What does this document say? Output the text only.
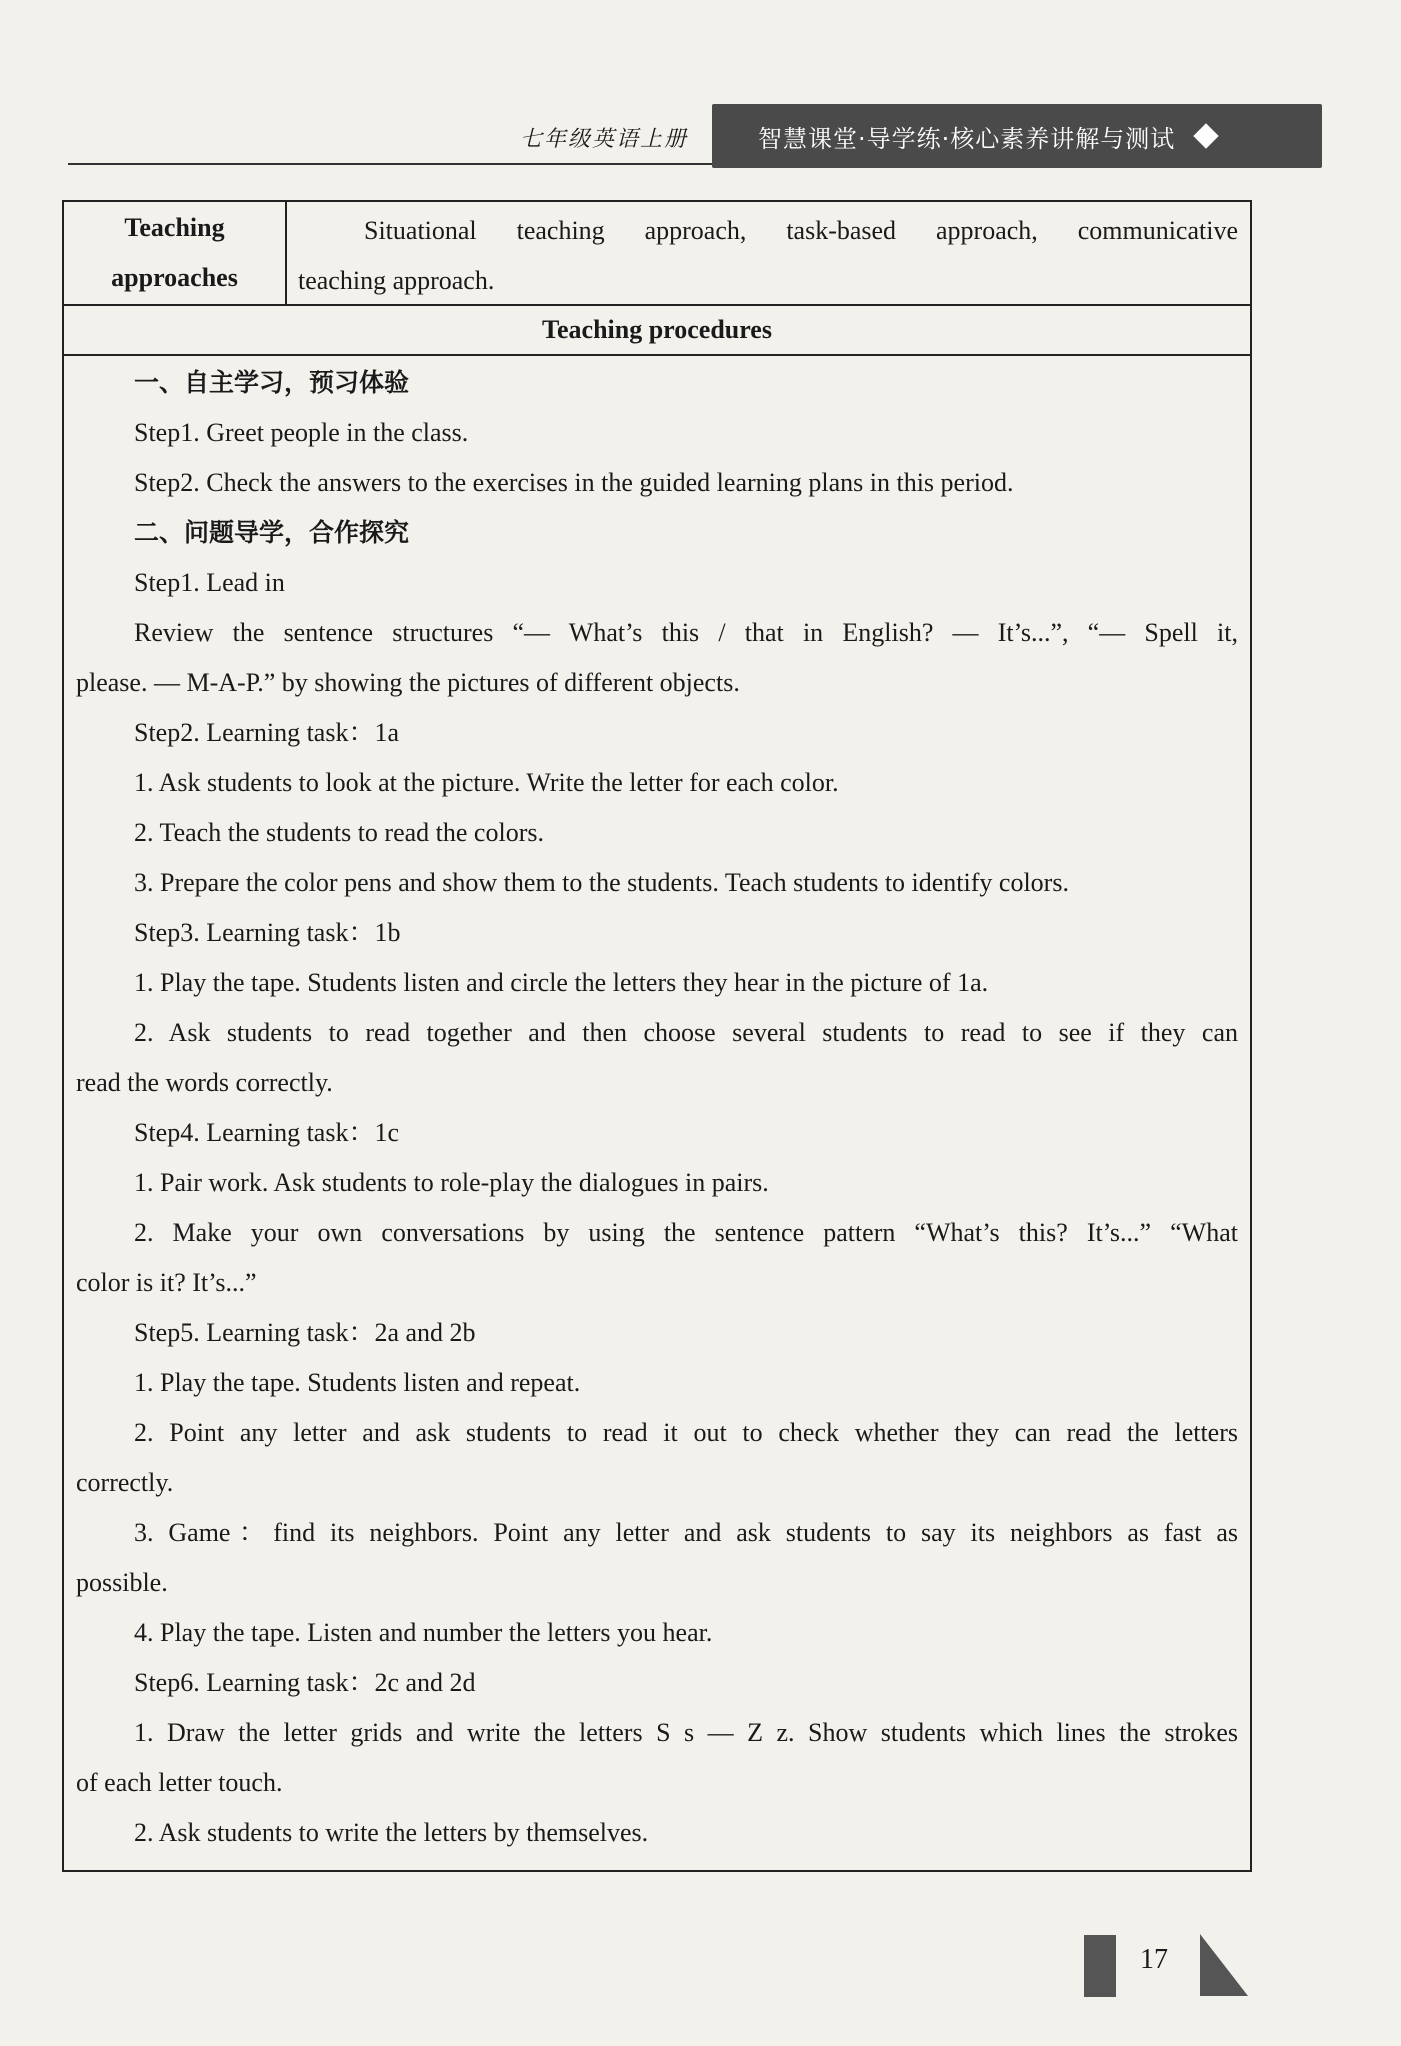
七年级英语上册	智慧课堂·导学练·核心素养讲解与测试
Teaching
approaches

Situational teaching approach, task-based approach, communicative

teaching approach.

Teaching procedures

一、自主学习，预习体验

Step1. Greet people in the class.

Step2. Check the answers to the exercises in the guided learning plans in this period.

二、问题导学，合作探究

Step1. Lead in

Review the sentence structures “— What’s this / that in English? — It’s...”, “— Spell it,

please. — M-A-P.” by showing the pictures of different objects.

Step2. Learning task：1a

1. Ask students to look at the picture. Write the letter for each color.

2. Teach the students to read the colors.

3. Prepare the color pens and show them to the students. Teach students to identify colors.

Step3. Learning task：1b

1. Play the tape. Students listen and circle the letters they hear in the picture of 1a.

2. Ask students to read together and then choose several students to read to see if they can

read the words correctly.

Step4. Learning task：1c

1. Pair work. Ask students to role-play the dialogues in pairs.

2. Make your own conversations by using the sentence pattern “What’s this? It’s...” “What

color is it? It’s...”

Step5. Learning task：2a and 2b

1. Play the tape. Students listen and repeat.

2. Point any letter and ask students to read it out to check whether they can read the letters

correctly.

3. Game：find its neighbors. Point any letter and ask students to say its neighbors as fast as

possible.

4. Play the tape. Listen and number the letters you hear.

Step6. Learning task：2c and 2d

1. Draw the letter grids and write the letters S s — Z z. Show students which lines the strokes

of each letter touch.

2. Ask students to write the letters by themselves.

17
